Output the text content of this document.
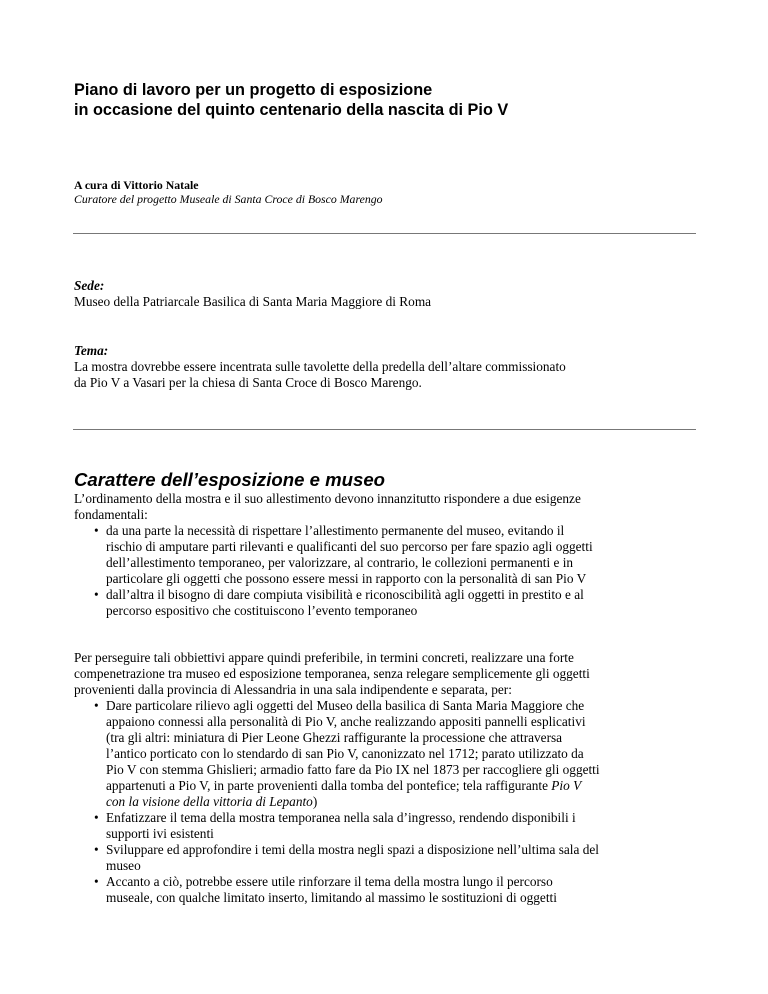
Piano di lavoro per un progetto di esposizione
in occasione del quinto centenario della nascita di Pio V
A cura di Vittorio Natale
Curatore del progetto Museale di Santa Croce di Bosco Marengo
Sede:
Museo della Patriarcale Basilica di Santa Maria Maggiore di Roma
Tema:
La mostra dovrebbe essere incentrata sulle tavolette della predella dell’altare commissionato
da Pio V a Vasari per la chiesa di Santa Croce di Bosco Marengo.
Carattere dell’esposizione e museo
L’ordinamento della mostra e il suo allestimento devono innanzitutto rispondere a due esigenze
fondamentali:
• da una parte la necessità di rispettare l’allestimento permanente del museo, evitando il
rischio di amputare parti rilevanti e qualificanti del suo percorso per fare spazio agli oggetti
dell’allestimento temporaneo, per valorizzare, al contrario, le collezioni permanenti e in
particolare gli oggetti che possono essere messi in rapporto con la personalità di san Pio V
• dall’altra il bisogno di dare compiuta visibilità e riconoscibilità agli oggetti in prestito e al
percorso espositivo che costituiscono l’evento temporaneo
Per perseguire tali obbiettivi appare quindi preferibile, in termini concreti, realizzare una forte
compenetrazione tra museo ed esposizione temporanea, senza relegare semplicemente gli oggetti
provenienti dalla provincia di Alessandria in una sala indipendente e separata, per:
• Dare particolare rilievo agli oggetti del Museo della basilica di Santa Maria Maggiore che
appaiono connessi alla personalità di Pio V, anche realizzando appositi pannelli esplicativi
(tra gli altri: miniatura di Pier Leone Ghezzi raffigurante la processione che attraversa
l’antico porticato con lo stendardo di san Pio V, canonizzato nel 1712; parato utilizzato da
Pio V con stemma Ghislieri; armadio fatto fare da Pio IX nel 1873 per raccogliere gli oggetti
appartenuti a Pio V, in parte provenienti dalla tomba del pontefice; tela raffigurante Pio V
con la visione della vittoria di Lepanto)
• Enfatizzare il tema della mostra temporanea nella sala d’ingresso, rendendo disponibili i
supporti ivi esistenti
• Sviluppare ed approfondire i temi della mostra negli spazi a disposizione nell’ultima sala del
museo
• Accanto a ciò, potrebbe essere utile rinforzare il tema della mostra lungo il percorso
museale, con qualche limitato inserto, limitando al massimo le sostituzioni di oggetti
